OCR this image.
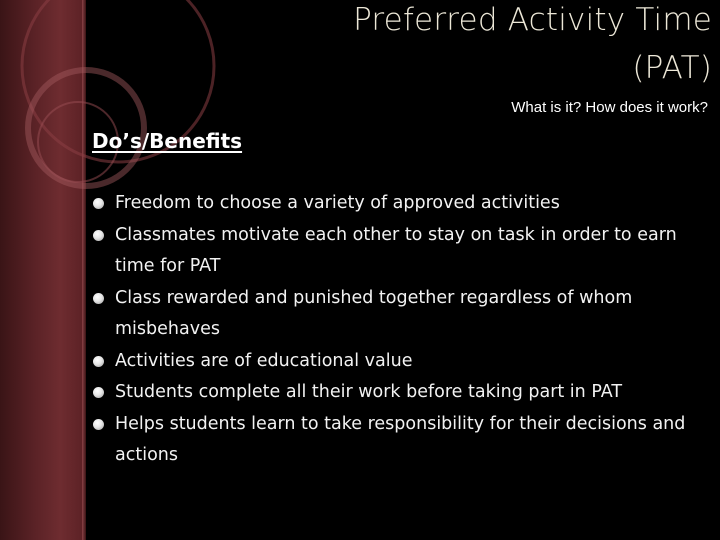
Preferred Activity Time
(PAT)
What is it? How does it work?
Do’s/Benefits
Freedom to choose a variety of approved activities
Classmates motivate each other to stay on task in order to earn time for PAT
Class rewarded and punished together regardless of whom misbehaves
Activities are of educational value
Students complete all their work before taking part in PAT
Helps students learn to take responsibility for their decisions and actions
